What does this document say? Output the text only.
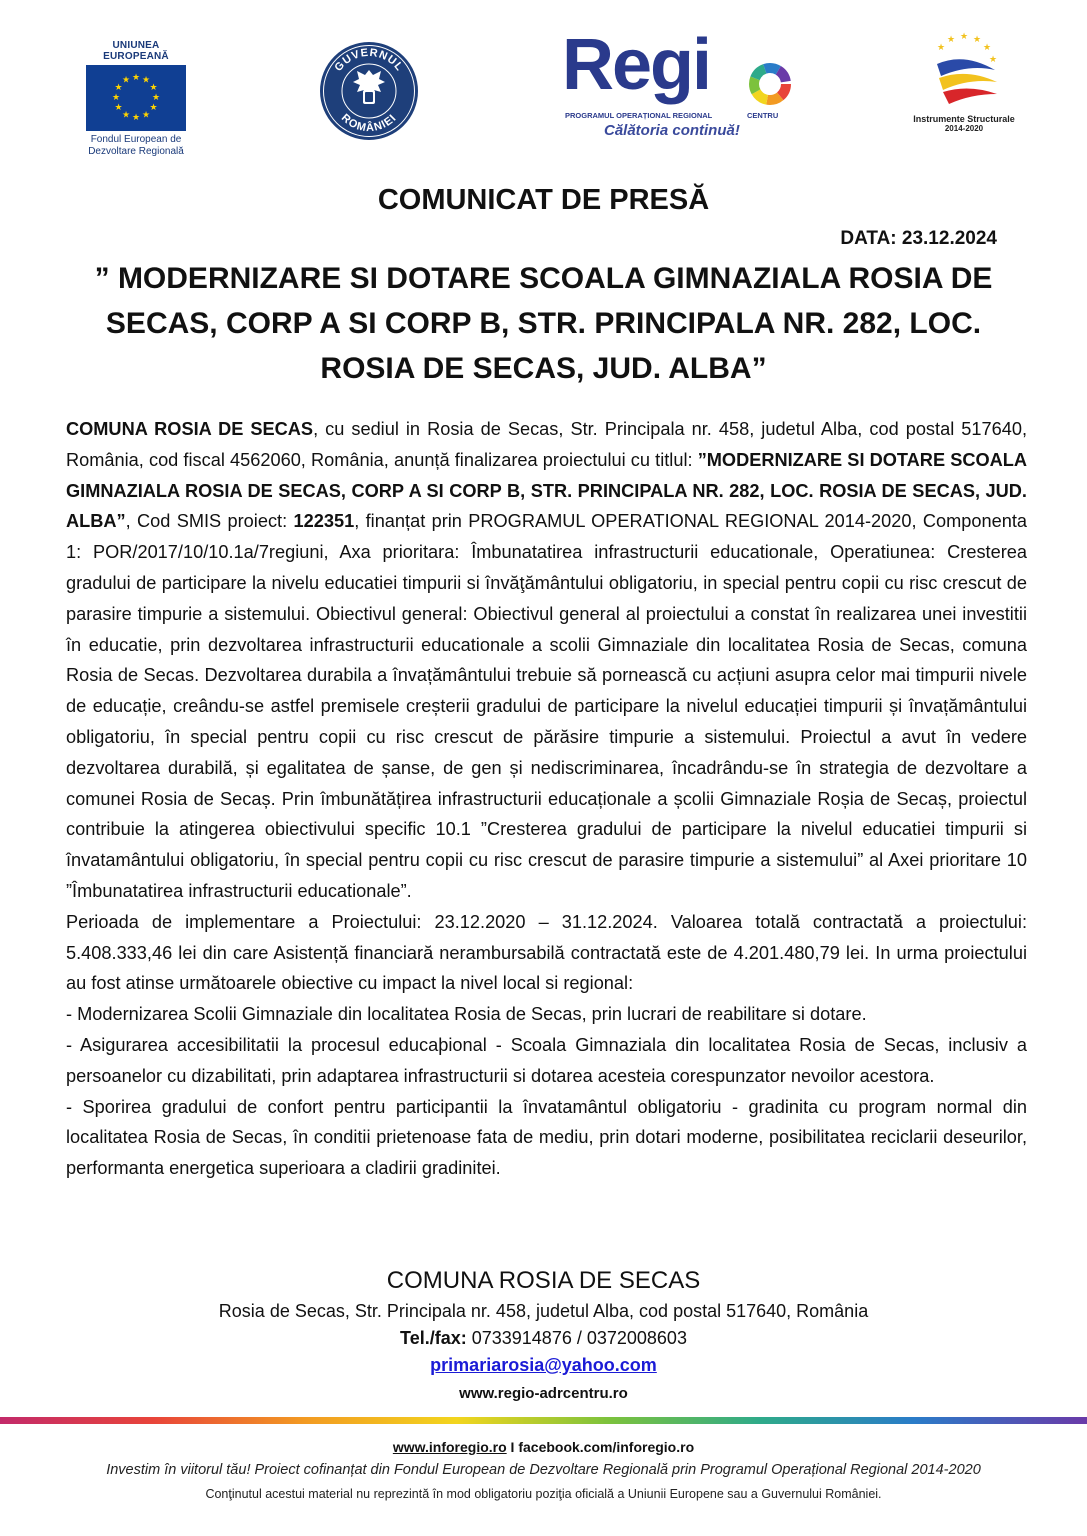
UNIUNEA EUROPEANĂ
★ ★
★
★
★
★
★
★
★
★
★
★
Fondul European de Dezvoltare Regională
GUVERNUL
ROMÂNIEI
Regi
PROGRAMUL OPERAȚIONAL REGIONAL	CENTRU
Călătoria continuă!
★ ★
★
★
★
★
Instrumente Structurale
2014-2020
COMUNICAT DE PRESĂ
DATA: 23.12.2024
” MODERNIZARE SI DOTARE SCOALA GIMNAZIALA ROSIA DE SECAS, CORP A SI CORP B, STR. PRINCIPALA NR. 282, LOC. ROSIA DE SECAS, JUD. ALBA”

COMUNA ROSIA DE SECAS, cu sediul in Rosia de Secas, Str. Principala nr. 458, judetul Alba, cod postal 517640, România, cod fiscal 4562060, România, anunță finalizarea proiectului cu titlul: ”MODERNIZARE SI DOTARE SCOALA GIMNAZIALA ROSIA DE SECAS, CORP A SI CORP B, STR. PRINCIPALA NR. 282, LOC. ROSIA DE SECAS, JUD. ALBA”, Cod SMIS proiect: 122351, finanțat prin PROGRAMUL OPERATIONAL REGIONAL 2014-2020, Componenta 1: POR/2017/10/10.1a/7regiuni, Axa prioritara: Îmbunatatirea infrastructurii educationale, Operatiunea: Cresterea gradului de participare la nivelu educatiei timpurii si învăţământului obligatoriu, in special pentru copii cu risc crescut de parasire timpurie a sistemului. Obiectivul general: Obiectivul general al proiectului a constat în realizarea unei investitii în educatie, prin dezvoltarea infrastructurii educationale a scolii Gimnaziale din localitatea Rosia de Secas, comuna Rosia de Secas. Dezvoltarea durabila a învațământului trebuie să pornească cu acțiuni asupra celor mai timpurii nivele de educație, creându-se astfel premisele creșterii gradului de participare la nivelul educației timpurii și învațământului obligatoriu, în special pentru copii cu risc crescut de părăsire timpurie a sistemului. Proiectul a avut în vedere dezvoltarea durabilă, și egalitatea de șanse, de gen și nediscriminarea, încadrându-se în strategia de dezvoltare a comunei Rosia de Secaș. Prin îmbunătățirea infrastructurii educaționale a școlii Gimnaziale Roșia de Secaș, proiectul contribuie la atingerea obiectivului specific 10.1 ”Cresterea gradului de participare la nivelul educatiei timpurii si învatamântului obligatoriu, în special pentru copii cu risc crescut de parasire timpurie a sistemului” al Axei prioritare 10 ”Îmbunatatirea infrastructurii educationale”.

Perioada de implementare a Proiectului: 23.12.2020 – 31.12.2024. Valoarea totală contractată a proiectului: 5.408.333,46 lei din care Asistență financiară nerambursabilă contractată este de 4.201.480,79 lei. In urma proiectului au fost atinse următoarele obiective cu impact la nivel local si regional:

- Modernizarea Scolii Gimnaziale din localitatea Rosia de Secas, prin lucrari de reabilitare si dotare.

- Asigurarea accesibilitatii la procesul educaþional - Scoala Gimnaziala din localitatea Rosia de Secas, inclusiv a persoanelor cu dizabilitati, prin adaptarea infrastructurii si dotarea acesteia corespunzator nevoilor acestora.

- Sporirea gradului de confort pentru participantii la învatamântul obligatoriu - gradinita cu program normal din localitatea Rosia de Secas, în conditii prietenoase fata de mediu, prin dotari moderne, posibilitatea reciclarii deseurilor, performanta energetica superioara a cladirii gradinitei.

COMUNA ROSIA DE SECAS
Rosia de Secas, Str. Principala nr. 458, judetul Alba, cod postal 517640, România
Tel./fax: 0733914876 / 0372008603
primariarosia@yahoo.com
www.regio-adrcentru.ro
www.inforegio.ro I facebook.com/inforegio.ro
Investim în viitorul tău! Proiect cofinanțat din Fondul European de Dezvoltare Regională prin Programul Operațional Regional 2014-2020
Conţinutul acestui material nu reprezintă în mod obligatoriu poziţia oficială a Uniunii Europene sau a Guvernului României.
